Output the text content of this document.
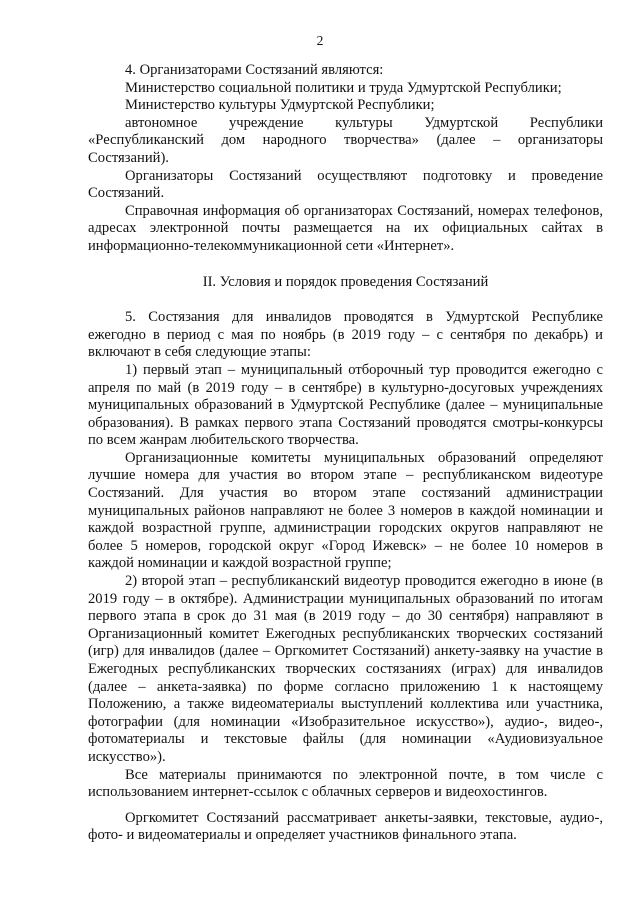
2

4. Организаторами Состязаний являются:

Министерство социальной политики и труда Удмуртской Республики;

Министерство культуры Удмуртской Республики;

автономное учреждение культуры Удмуртской Республики «Республиканский дом народного творчества» (далее – организаторы Состязаний).

Организаторы Состязаний осуществляют подготовку и проведение Состязаний.

Справочная информация об организаторах Состязаний, номерах телефонов, адресах электронной почты размещается на их официальных сайтах в информационно-телекоммуникационной сети «Интернет».

II. Условия и порядок проведения Состязаний

5. Состязания для инвалидов проводятся в Удмуртской Республике ежегодно в период с мая по ноябрь (в 2019 году – с сентября по декабрь) и включают в себя следующие этапы:

1) первый этап – муниципальный отборочный тур проводится ежегодно с апреля по май (в 2019 году – в сентябре) в культурно-досуговых учреждениях муниципальных образований в Удмуртской Республике (далее – муниципальные образования). В рамках первого этапа Состязаний проводятся смотры-конкурсы по всем жанрам любительского творчества.

Организационные комитеты муниципальных образований определяют лучшие номера для участия во втором этапе – республиканском видеотуре Состязаний. Для участия во втором этапе состязаний администрации муниципальных районов направляют не более 3 номеров в каждой номинации и каждой возрастной группе, администрации городских округов направляют не более 5 номеров, городской округ «Город Ижевск» – не более 10 номеров в каждой номинации и каждой возрастной группе;

2) второй этап – республиканский видеотур проводится ежегодно в июне (в 2019 году – в октябре). Администрации муниципальных образований по итогам первого этапа в срок до 31 мая (в 2019 году – до 30 сентября) направляют в Организационный комитет Ежегодных республиканских творческих состязаний (игр) для инвалидов (далее – Оргкомитет Состязаний) анкету-заявку на участие в Ежегодных республиканских творческих состязаниях (играх) для инвалидов (далее – анкета-заявка) по форме согласно приложению 1 к настоящему Положению, а также видеоматериалы выступлений коллектива или участника, фотографии (для номинации «Изобразительное искусство»), аудио-, видео-, фотоматериалы и текстовые файлы (для номинации «Аудиовизуальное искусство»).

Все материалы принимаются по электронной почте, в том числе с использованием интернет-ссылок с облачных серверов и видеохостингов.

Оргкомитет Состязаний рассматривает анкеты-заявки, текстовые, аудио-, фото- и видеоматериалы и определяет участников финального этапа.
